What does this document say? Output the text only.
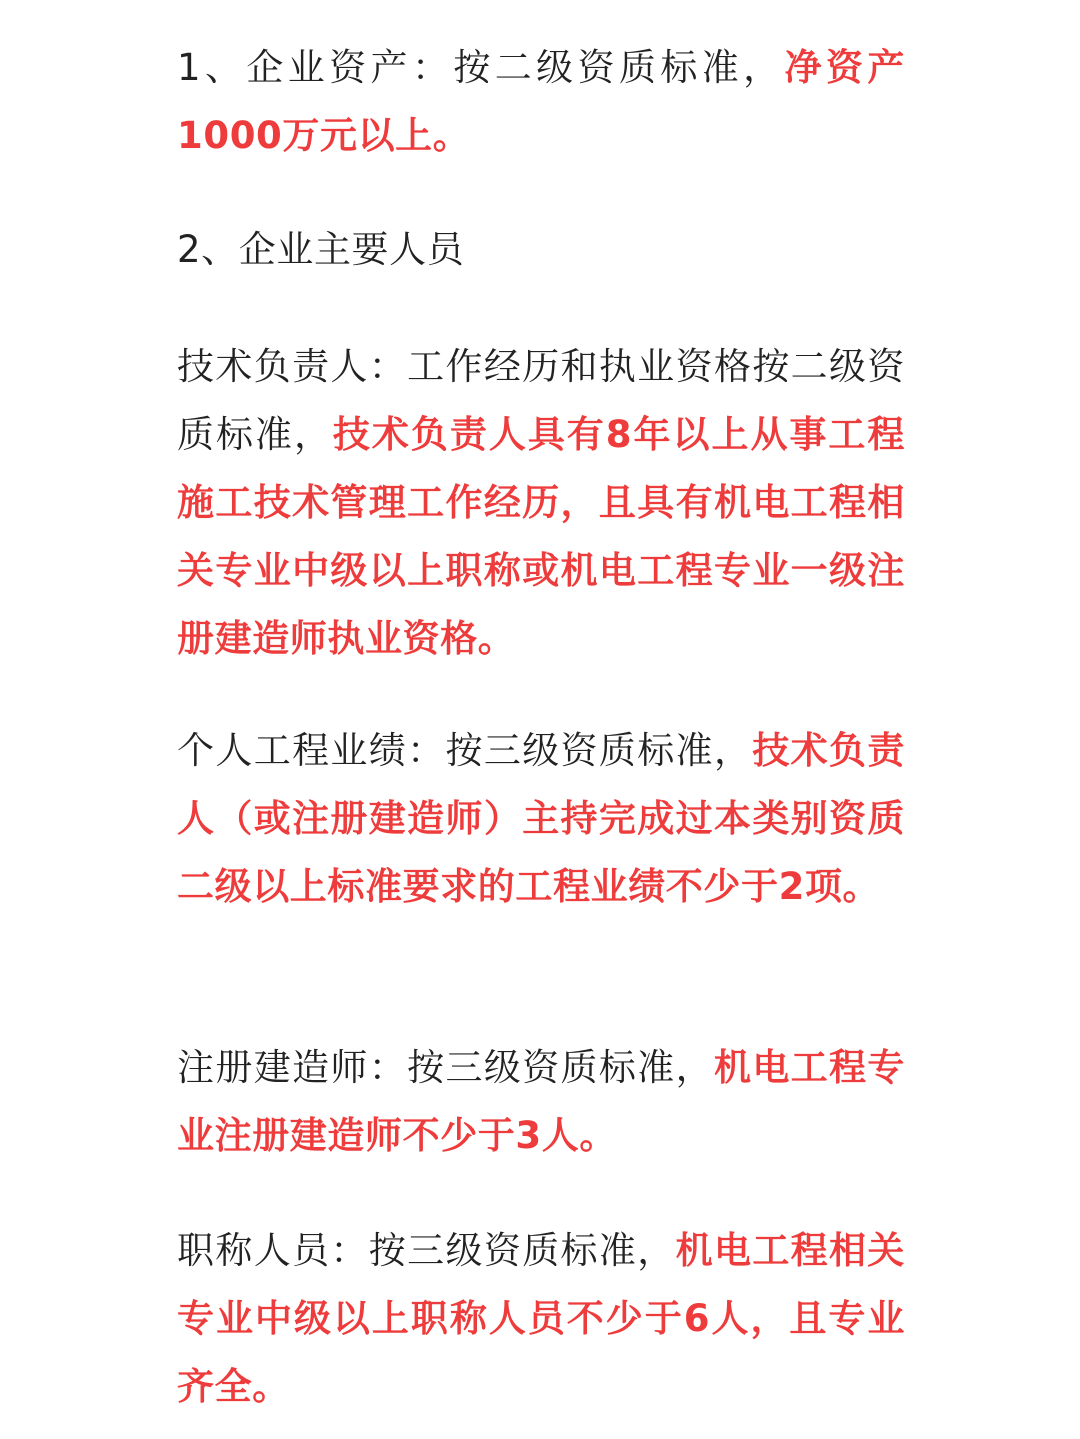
1、企业资产：按二级资质标准，净资产1000万元以上。

2、企业主要人员

技术负责人：工作经历和执业资格按二级资质标准，技术负责人具有8年以上从事工程施工技术管理工作经历，且具有机电工程相关专业中级以上职称或机电工程专业一级注册建造师执业资格。

个人工程业绩：按三级资质标准，技术负责人（或注册建造师）主持完成过本类别资质二级以上标准要求的工程业绩不少于2项。

注册建造师：按三级资质标准，机电工程专业注册建造师不少于3人。

职称人员：按三级资质标准，机电工程相关专业中级以上职称人员不少于6人，且专业齐全。
